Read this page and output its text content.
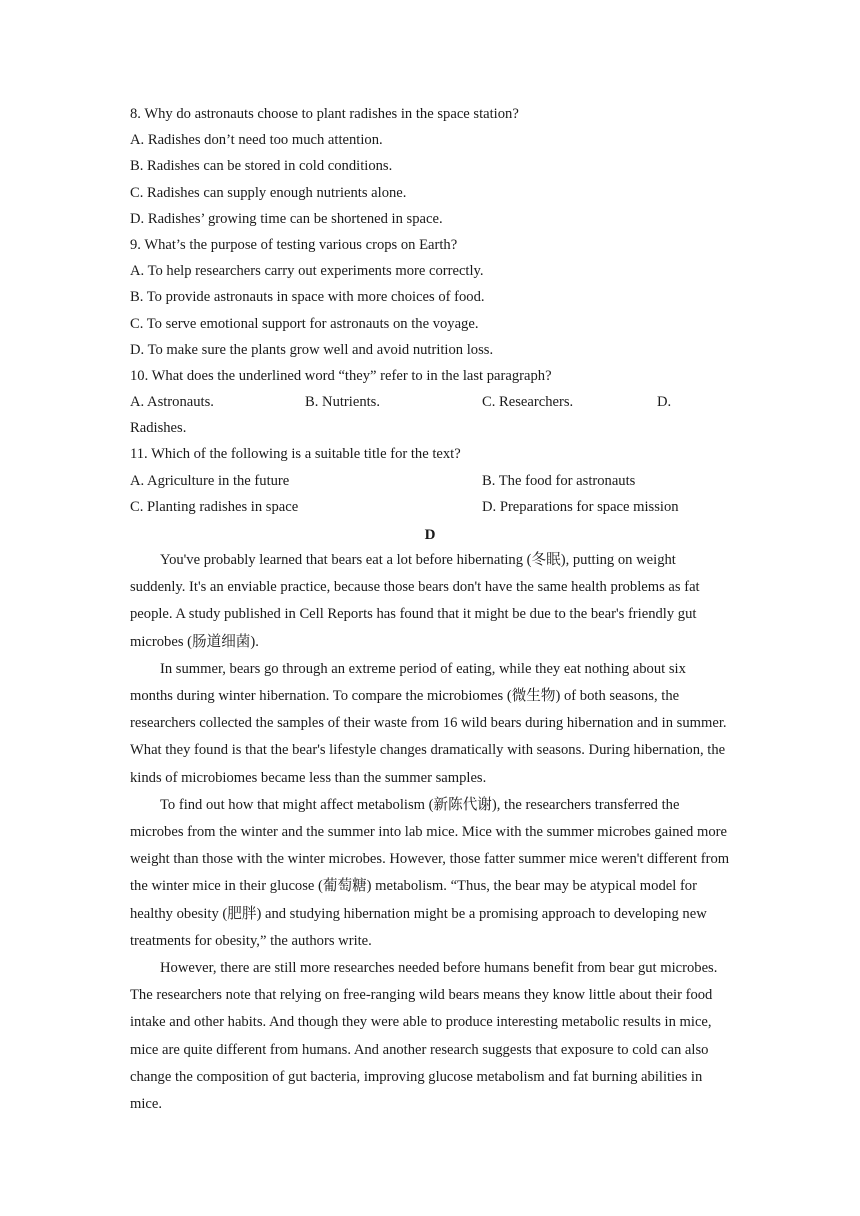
8. Why do astronauts choose to plant radishes in the space station?
A. Radishes don’t need too much attention.
B. Radishes can be stored in cold conditions.
C. Radishes can supply enough nutrients alone.
D. Radishes’ growing time can be shortened in space.
9. What’s the purpose of testing various crops on Earth?
A. To help researchers carry out experiments more correctly.
B. To provide astronauts in space with more choices of food.
C. To serve emotional support for astronauts on the voyage.
D. To make sure the plants grow well and avoid nutrition loss.
10. What does the underlined word “they” refer to in the last paragraph?
A. Astronauts.	B. Nutrients.	C. Researchers.	D.
Radishes.
11. Which of the following is a suitable title for the text?
A. Agriculture in the future	B. The food for astronauts
C. Planting radishes in space	D. Preparations for space mission
D

You've probably learned that bears eat a lot before hibernating (冬眠), putting on weight suddenly. It's an enviable practice, because those bears don't have the same health problems as fat people. A study published in Cell Reports has found that it might be due to the bear's friendly gut microbes (肠道细菌).

In summer, bears go through an extreme period of eating, while they eat nothing about six months during winter hibernation. To compare the microbiomes (微生物) of both seasons, the researchers collected the samples of their waste from 16 wild bears during hibernation and in summer. What they found is that the bear's lifestyle changes dramatically with seasons. During hibernation, the kinds of microbiomes became less than the summer samples.

To find out how that might affect metabolism (新陈代谢), the researchers transferred the microbes from the winter and the summer into lab mice. Mice with the summer microbes gained more weight than those with the winter microbes. However, those fatter summer mice weren't different from the winter mice in their glucose (葡萄糖) metabolism. “Thus, the bear may be atypical model for healthy obesity (肥胖) and studying hibernation might be a promising approach to developing new treatments for obesity,” the authors write.

However, there are still more researches needed before humans benefit from bear gut microbes. The researchers note that relying on free-ranging wild bears means they know little about their food intake and other habits. And though they were able to produce interesting metabolic results in mice, mice are quite different from humans. And another research suggests that exposure to cold can also change the composition of gut bacteria, improving glucose metabolism and fat burning abilities in mice.
